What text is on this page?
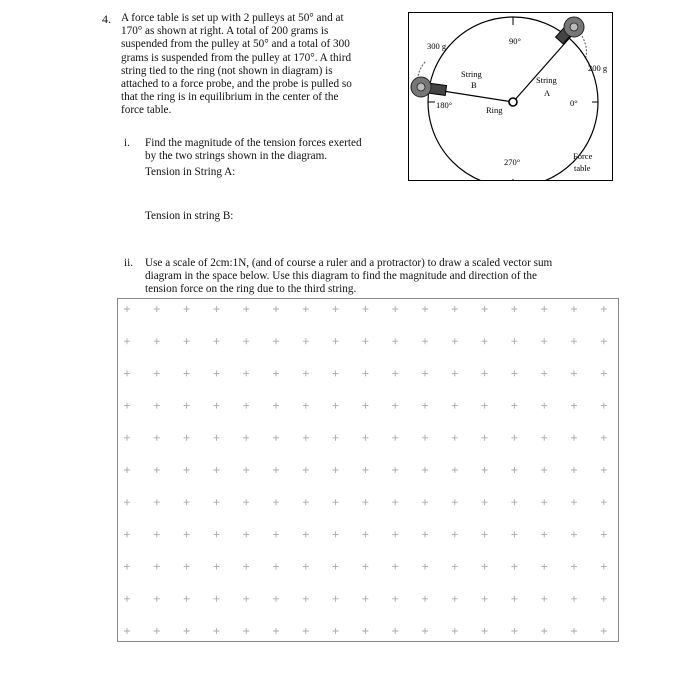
4. A force table is set up with 2 pulleys at 50° and at
170° as shown at right. A total of 200 grams is
suspended from the pulley at 50° and a total of 300
grams is suspended from the pulley at 170°. A third
string tied to the ring (not shown in diagram) is
attached to a force probe, and the probe is pulled so
that the ring is in equilibrium in the center of the
force table.
i. Find the magnitude of the tension forces exerted
by the two strings shown in the diagram.
Tension in String A:
Tension in string B:
ii. Use a scale of 2cm:1N, (and of course a ruler and a protractor) to draw a scaled vector sum
diagram in the space below. Use this diagram to find the magnitude and direction of the
tension force on the ring due to the third string.
300 g
200 g
90°
0°
180°
270°
String
B	String
A
Ring
Force
table
